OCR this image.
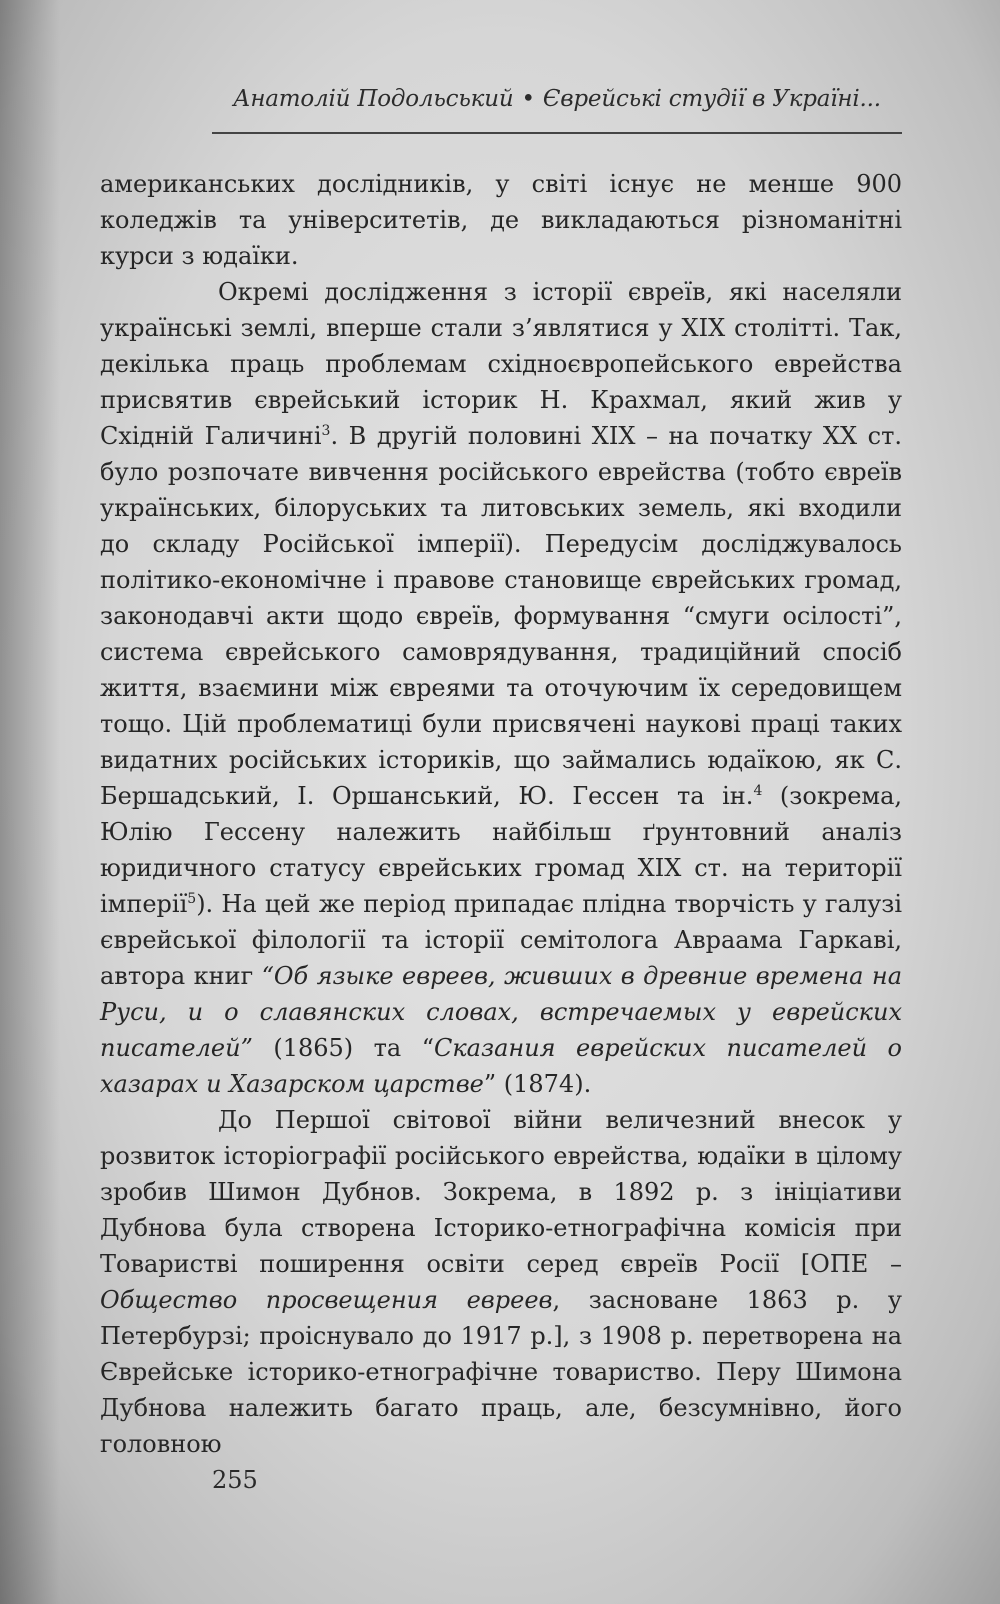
Анатолій Подольський • Єврейські студії в Україні...

американських дослідників, у світі існує не менше 900 коледжів та університетів, де викладаються різноманітні курси з юдаїки.

Окремі дослідження з історії євреїв, які населяли українські землі, вперше стали з’являтися у XIX столітті. Так, декілька праць проблемам східноєвропейського еврейства присвятив єврейський історик Н. Крахмал, який жив у Східній Галичині$^3$. В другій половині XIX – на початку XX ст. було розпочате вивчення російського еврейства (тобто євреїв українських, білоруських та литовських земель, які входили до складу Російської імперії). Передусім досліджувалось політико-економічне і правове становище єврейських громад, законодавчі акти щодо євреїв, формування “смуги осілості”, система єврейського самоврядування, традиційний спосіб життя, взаємини між євреями та оточуючим їх середовищем тощо. Цій проблематиці були присвячені наукові праці таких видатних російських істориків, що займались юдаїкою, як С. Бершадський, І. Оршанський, Ю. Гессен та ін.$^4$ (зокрема, Юлію Гессену належить найбільш ґрунтовний аналіз юридичного статусу єврейських громад XIX ст. на території імперії$^5$). На цей же період припадає плідна творчість у галузі єврейської філології та історії семітолога Авраама Гаркаві, автора книг “Об языке евреев, живших в древние времена на Руси, и о славянских словах, встречаемых у еврейских писателей” (1865) та “Сказания еврейских писателей о хазарах и Хазарском царстве” (1874).

До Першої світової війни величезний внесок у розвиток історіографії російського еврейства, юдаїки в цілому зробив Шимон Дубнов. Зокрема, в 1892 р. з ініціативи Дубнова була створена Історико-етнографічна комісія при Товаристві поширення освіти серед євреїв Росії [ОПЕ – Общество просвещения евреев, засноване 1863 р. у Петербурзі; проіснувало до 1917 р.], з 1908 р. перетворена на Єврейське історико-етнографічне товариство. Перу Шимона Дубнова належить багато праць, але, безсумнівно, його головною

255
